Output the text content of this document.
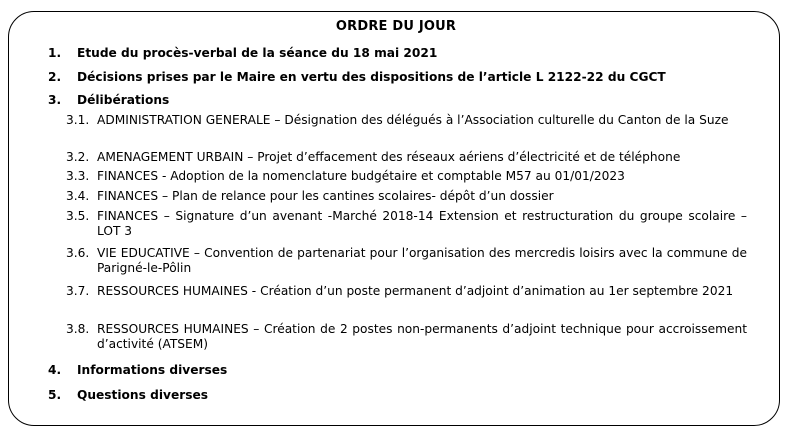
ORDRE DU JOUR
1. Etude du procès-verbal de la séance du 18 mai 2021
2. Décisions prises par le Maire en vertu des dispositions de l’article L 2122-22 du CGCT
3. Délibérations
3.1. ADMINISTRATION GENERALE – Désignation des délégués à l’Association culturelle du Canton de la Suze
3.2. AMENAGEMENT URBAIN – Projet d’effacement des réseaux aériens d’électricité et de téléphone
3.3. FINANCES - Adoption de la nomenclature budgétaire et comptable M57 au 01/01/2023
3.4. FINANCES – Plan de relance pour les cantines scolaires- dépôt d’un dossier
3.5. FINANCES – Signature d’un avenant -Marché 2018-14 Extension et restructuration du groupe scolaire – LOT 3
3.6. VIE EDUCATIVE – Convention de partenariat pour l’organisation des mercredis loisirs avec la commune de Parigné-le-Pôlin
3.7. RESSOURCES HUMAINES - Création d’un poste permanent d’adjoint d’animation au 1er septembre 2021
3.8. RESSOURCES HUMAINES – Création de 2 postes non-permanents d’adjoint technique pour accroissement d’activité (ATSEM)
4. Informations diverses
5. Questions diverses
